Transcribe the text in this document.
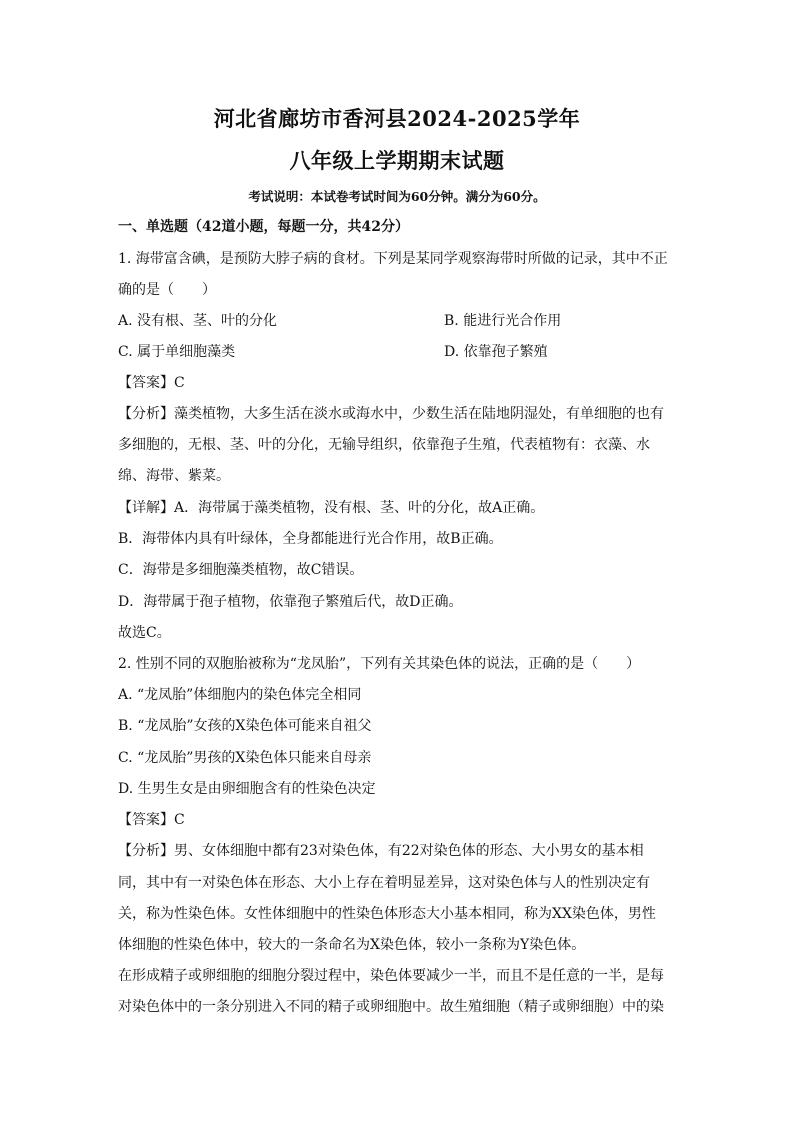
河北省廊坊市香河县2024-2025学年
八年级上学期期末试题
考试说明：本试卷考试时间为60分钟。满分为60分。
一、单选题（42道小题，每题一分，共42分）
1. 海带富含碘，是预防大脖子病的食材。下列是某同学观察海带时所做的记录，其中不正
确的是（　　）
A. 没有根、茎、叶的分化	B. 能进行光合作用
C. 属于单细胞藻类	D. 依靠孢子繁殖
【答案】C
【分析】藻类植物，大多生活在淡水或海水中，少数生活在陆地阴湿处，有单细胞的也有
多细胞的，无根、茎、叶的分化，无输导组织，依靠孢子生殖，代表植物有：衣藻、水
绵、海带、紫菜。
【详解】A．海带属于藻类植物，没有根、茎、叶的分化，故A正确。
B．海带体内具有叶绿体，全身都能进行光合作用，故B正确。
C．海带是多细胞藻类植物，故C错误。
D．海带属于孢子植物，依靠孢子繁殖后代，故D正确。
故选C。
2. 性别不同的双胞胎被称为“龙凤胎”，下列有关其染色体的说法，正确的是（　　）
A. “龙凤胎”体细胞内的染色体完全相同
B. “龙凤胎”女孩的X染色体可能来自祖父
C. “龙凤胎”男孩的X染色体只能来自母亲
D. 生男生女是由卵细胞含有的性染色决定
【答案】C
【分析】男、女体细胞中都有23对染色体，有22对染色体的形态、大小男女的基本相
同，其中有一对染色体在形态、大小上存在着明显差异，这对染色体与人的性别决定有
关，称为性染色体。女性体细胞中的性染色体形态大小基本相同，称为XX染色体，男性
体细胞的性染色体中，较大的一条命名为X染色体，较小一条称为Y染色体。
在形成精子或卵细胞的细胞分裂过程中，染色体要减少一半，而且不是任意的一半，是每
对染色体中的一条分别进入不同的精子或卵细胞中。故生殖细胞（精子或卵细胞）中的染
